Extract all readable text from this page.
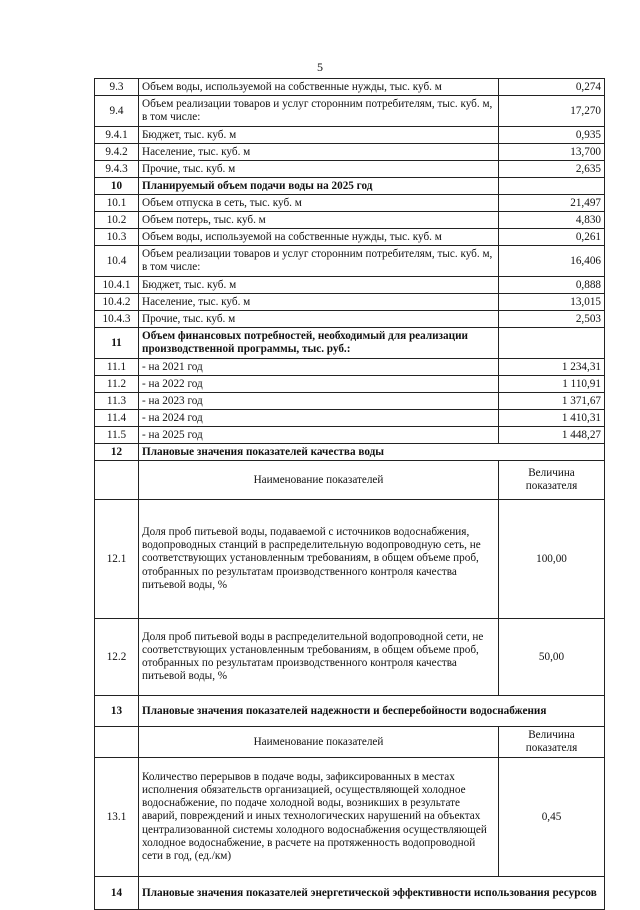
5
9.3	Объем воды, используемой на собственные нужды, тыс. куб. м	0,274
9.4	Объем реализации товаров и услуг сторонним потребителям, тыс. куб. м, в том числе:	17,270
9.4.1	Бюджет, тыс. куб. м	0,935
9.4.2	Население, тыс. куб. м	13,700
9.4.3	Прочие, тыс. куб. м	2,635
10	Планируемый объем подачи воды на 2025 год	
10.1	Объем отпуска в сеть, тыс. куб. м	21,497
10.2	Объем потерь, тыс. куб. м	4,830
10.3	Объем воды, используемой на собственные нужды, тыс. куб. м	0,261
10.4	Объем реализации товаров и услуг сторонним потребителям, тыс. куб. м, в том числе:	16,406
10.4.1	Бюджет, тыс. куб. м	0,888
10.4.2	Население, тыс. куб. м	13,015
10.4.3	Прочие, тыс. куб. м	2,503
11	Объем финансовых потребностей, необходимый для реализации производственной программы, тыс. руб.:	
11.1	- на 2021 год	1 234,31
11.2	- на 2022 год	1 110,91
11.3	- на 2023 год	1 371,67
11.4	- на 2024 год	1 410,31
11.5	- на 2025 год	1 448,27
12	Плановые значения показателей качества воды	
	Наименование показателей	Величина показателя
12.1	Доля проб питьевой воды, подаваемой с источников водоснабжения, водопроводных станций в распределительную водопроводную сеть, не соответствующих установленным требованиям, в общем объеме проб, отобранных по результатам производственного контроля качества питьевой воды, %	100,00
12.2	Доля проб питьевой воды в распределительной водопроводной сети, не соответствующих установленным требованиям, в общем объеме проб, отобранных по результатам производственного контроля качества питьевой воды, %	50,00
13	Плановые значения показателей надежности и бесперебойности водоснабжения	
	Наименование показателей	Величина показателя
13.1	Количество перерывов в подаче воды, зафиксированных в местах исполнения обязательств организацией, осуществляющей холодное водоснабжение, по подаче холодной воды, возникших в результате аварий, повреждений и иных технологических нарушений на объектах централизованной системы холодного водоснабжения осуществляющей холодное водоснабжение, в расчете на протяженность водопроводной сети в год, (ед./км)	0,45
14	Плановые значения показателей энергетической эффективности использования ресурсов	
